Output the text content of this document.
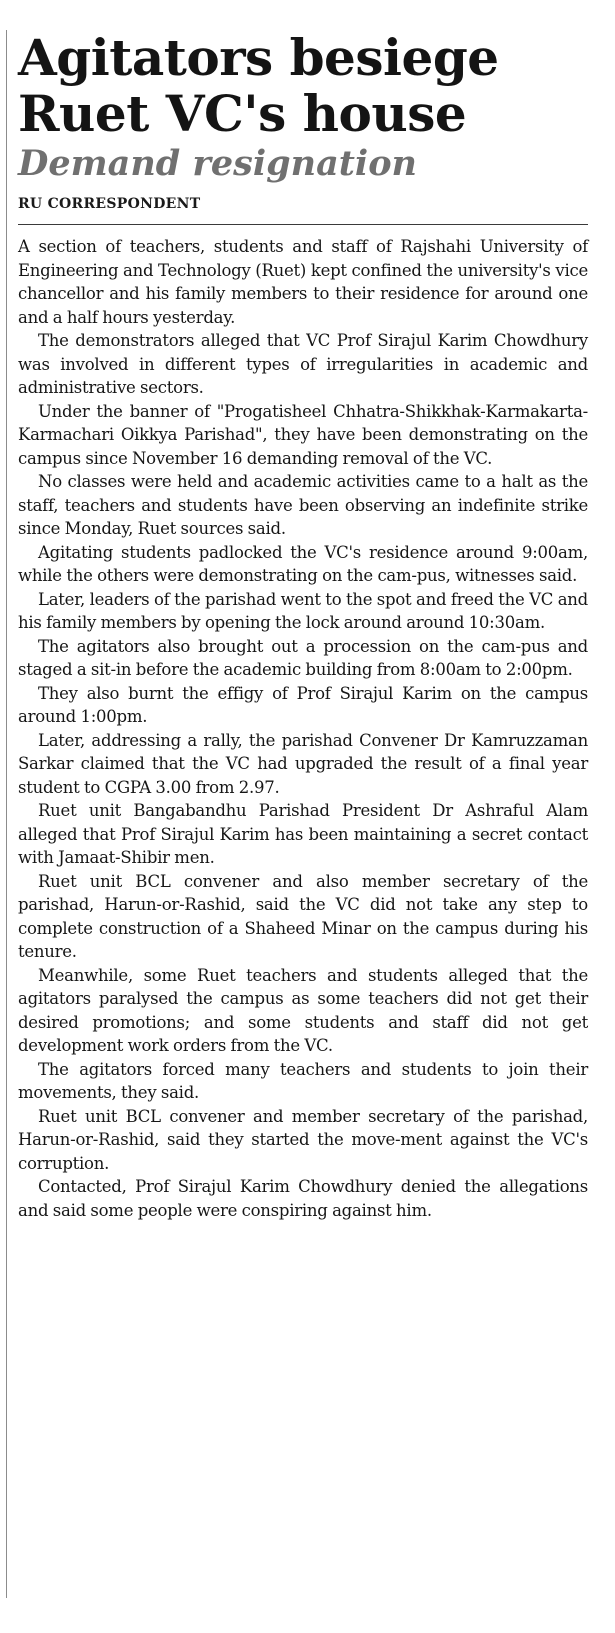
Agitators besiege
Ruet VC's house
Demand resignation
RU CORRESPONDENT

A section of teachers, students and staff of Rajshahi University of Engineering and Technology (Ruet) kept confined the university's vice chancellor and his family members to their residence for around one and a half hours yesterday.

The demonstrators alleged that VC Prof Sirajul Karim Chowdhury was involved in different types of irregularities in academic and administrative sectors.

Under the banner of "Progatisheel Chhatra-Shikkhak-Karmakarta-Karmachari Oikkya Parishad", they have been demonstrating on the campus since November 16 demanding removal of the VC.

No classes were held and academic activities came to a halt as the staff, teachers and students have been observing an indefinite strike since Monday, Ruet sources said.

Agitating students padlocked the VC's residence around 9:00am, while the others were demonstrating on the cam-pus, witnesses said.

Later, leaders of the parishad went to the spot and freed the VC and his family members by opening the lock around around 10:30am.

The agitators also brought out a procession on the cam-pus and staged a sit-in before the academic building from 8:00am to 2:00pm.

They also burnt the effigy of Prof Sirajul Karim on the campus around 1:00pm.

Later, addressing a rally, the parishad Convener Dr Kamruzzaman Sarkar claimed that the VC had upgraded the result of a final year student to CGPA 3.00 from 2.97.

Ruet unit Bangabandhu Parishad President Dr Ashraful Alam alleged that Prof Sirajul Karim has been maintaining a secret contact with Jamaat-Shibir men.

Ruet unit BCL convener and also member secretary of the parishad, Harun-or-Rashid, said the VC did not take any step to complete construction of a Shaheed Minar on the campus during his tenure.

Meanwhile, some Ruet teachers and students alleged that the agitators paralysed the campus as some teachers did not get their desired promotions; and some students and staff did not get development work orders from the VC.

The agitators forced many teachers and students to join their movements, they said.

Ruet unit BCL convener and member secretary of the parishad, Harun-or-Rashid, said they started the move-ment against the VC's corruption.

Contacted, Prof Sirajul Karim Chowdhury denied the allegations and said some people were conspiring against him.
